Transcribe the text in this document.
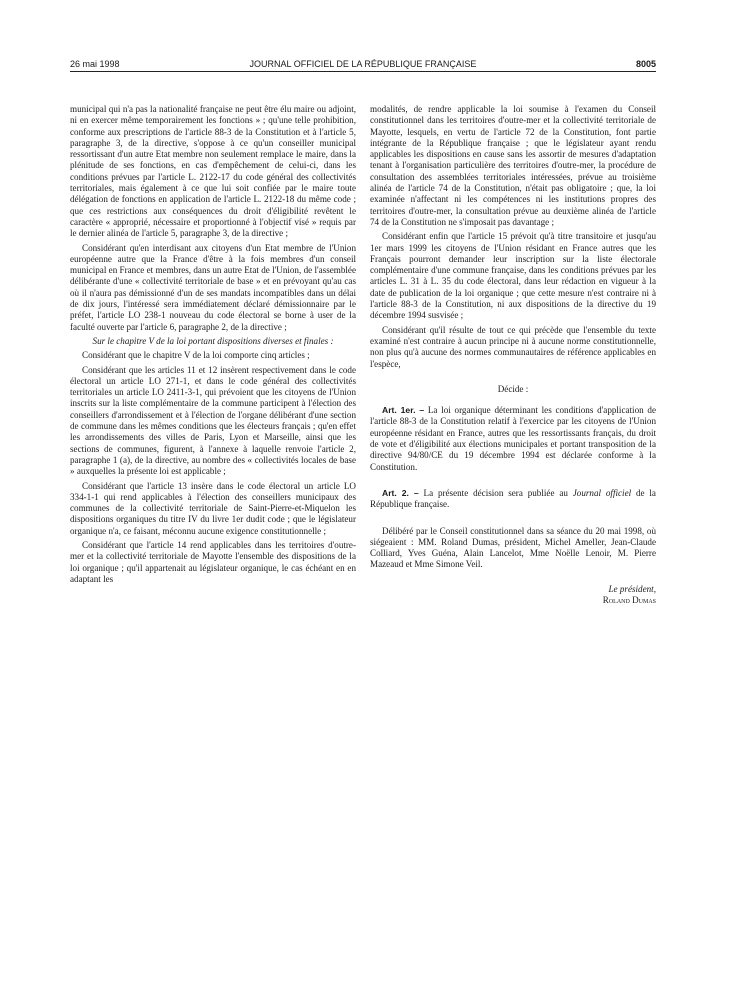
26 mai 1998	JOURNAL OFFICIEL DE LA RÉPUBLIQUE FRANÇAISE	8005

municipal qui n'a pas la nationalité française ne peut être élu maire ou adjoint, ni en exercer même temporairement les fonctions » ; qu'une telle prohibition, conforme aux prescriptions de l'article 88-3 de la Constitution et à l'article 5, paragraphe 3, de la directive, s'oppose à ce qu'un conseiller municipal ressortissant d'un autre Etat membre non seulement remplace le maire, dans la plénitude de ses fonctions, en cas d'empêchement de celui-ci, dans les conditions prévues par l'article L. 2122-17 du code général des collectivités territoriales, mais également à ce que lui soit confiée par le maire toute délégation de fonctions en application de l'article L. 2122-18 du même code ; que ces restrictions aux conséquences du droit d'éligibilité revêtent le caractère « approprié, nécessaire et proportionné à l'objectif visé » requis par le dernier alinéa de l'article 5, paragraphe 3, de la directive ;

Considérant qu'en interdisant aux citoyens d'un Etat membre de l'Union européenne autre que la France d'être à la fois membres d'un conseil municipal en France et membres, dans un autre Etat de l'Union, de l'assemblée délibérante d'une « collectivité territoriale de base » et en prévoyant qu'au cas où il n'aura pas démissionné d'un de ses mandats incompatibles dans un délai de dix jours, l'intéressé sera immédiatement déclaré démissionnaire par le préfet, l'article LO 238-1 nouveau du code électoral se borne à user de la faculté ouverte par l'article 6, paragraphe 2, de la directive ;

Sur le chapitre V de la loi portant dispositions diverses et finales :

Considérant que le chapitre V de la loi comporte cinq articles ;

Considérant que les articles 11 et 12 insèrent respectivement dans le code électoral un article LO 271-1, et dans le code général des collectivités territoriales un article LO 2411-3-1, qui prévoient que les citoyens de l'Union inscrits sur la liste complémentaire de la commune participent à l'élection des conseillers d'arrondissement et à l'élection de l'organe délibérant d'une section de commune dans les mêmes conditions que les électeurs français ; qu'en effet les arrondissements des villes de Paris, Lyon et Marseille, ainsi que les sections de communes, figurent, à l'annexe à laquelle renvoie l'article 2, paragraphe 1 (a), de la directive, au nombre des « collectivités locales de base » auxquelles la présente loi est applicable ;

Considérant que l'article 13 insère dans le code électoral un article LO 334-1-1 qui rend applicables à l'élection des conseillers municipaux des communes de la collectivité territoriale de Saint-Pierre-et-Miquelon les dispositions organiques du titre IV du livre 1er dudit code ; que le législateur organique n'a, ce faisant, méconnu aucune exigence constitutionnelle ;

Considérant que l'article 14 rend applicables dans les territoires d'outre-mer et la collectivité territoriale de Mayotte l'ensemble des dispositions de la loi organique ; qu'il appartenait au législateur organique, le cas échéant en en adaptant les

modalités, de rendre applicable la loi soumise à l'examen du Conseil constitutionnel dans les territoires d'outre-mer et la collectivité territoriale de Mayotte, lesquels, en vertu de l'article 72 de la Constitution, font partie intégrante de la République française ; que le législateur ayant rendu applicables les dispositions en cause sans les assortir de mesures d'adaptation tenant à l'organisation particulière des territoires d'outre-mer, la procédure de consultation des assemblées territoriales intéressées, prévue au troisième alinéa de l'article 74 de la Constitution, n'était pas obligatoire ; que, la loi examinée n'affectant ni les compétences ni les institutions propres des territoires d'outre-mer, la consultation prévue au deuxième alinéa de l'article 74 de la Constitution ne s'imposait pas davantage ;

Considérant enfin que l'article 15 prévoit qu'à titre transitoire et jusqu'au 1er mars 1999 les citoyens de l'Union résidant en France autres que les Français pourront demander leur inscription sur la liste électorale complémentaire d'une commune française, dans les conditions prévues par les articles L. 31 à L. 35 du code électoral, dans leur rédaction en vigueur à la date de publication de la loi organique ; que cette mesure n'est contraire ni à l'article 88-3 de la Constitution, ni aux dispositions de la directive du 19 décembre 1994 susvisée ;

Considérant qu'il résulte de tout ce qui précède que l'ensemble du texte examiné n'est contraire à aucun principe ni à aucune norme constitutionnelle, non plus qu'à aucune des normes communautaires de référence applicables en l'espèce,

Décide :

Art. 1er. – La loi organique déterminant les conditions d'application de l'article 88-3 de la Constitution relatif à l'exercice par les citoyens de l'Union européenne résidant en France, autres que les ressortissants français, du droit de vote et d'éligibilité aux élections municipales et portant transposition de la directive 94/80/CE du 19 décembre 1994 est déclarée conforme à la Constitution.

Art. 2. – La présente décision sera publiée au Journal officiel de la République française.

Délibéré par le Conseil constitutionnel dans sa séance du 20 mai 1998, où siégeaient : MM. Roland Dumas, président, Michel Ameller, Jean-Claude Colliard, Yves Guéna, Alain Lancelot, Mme Noëlle Lenoir, M. Pierre Mazeaud et Mme Simone Veil.

Le président,
Roland Dumas
